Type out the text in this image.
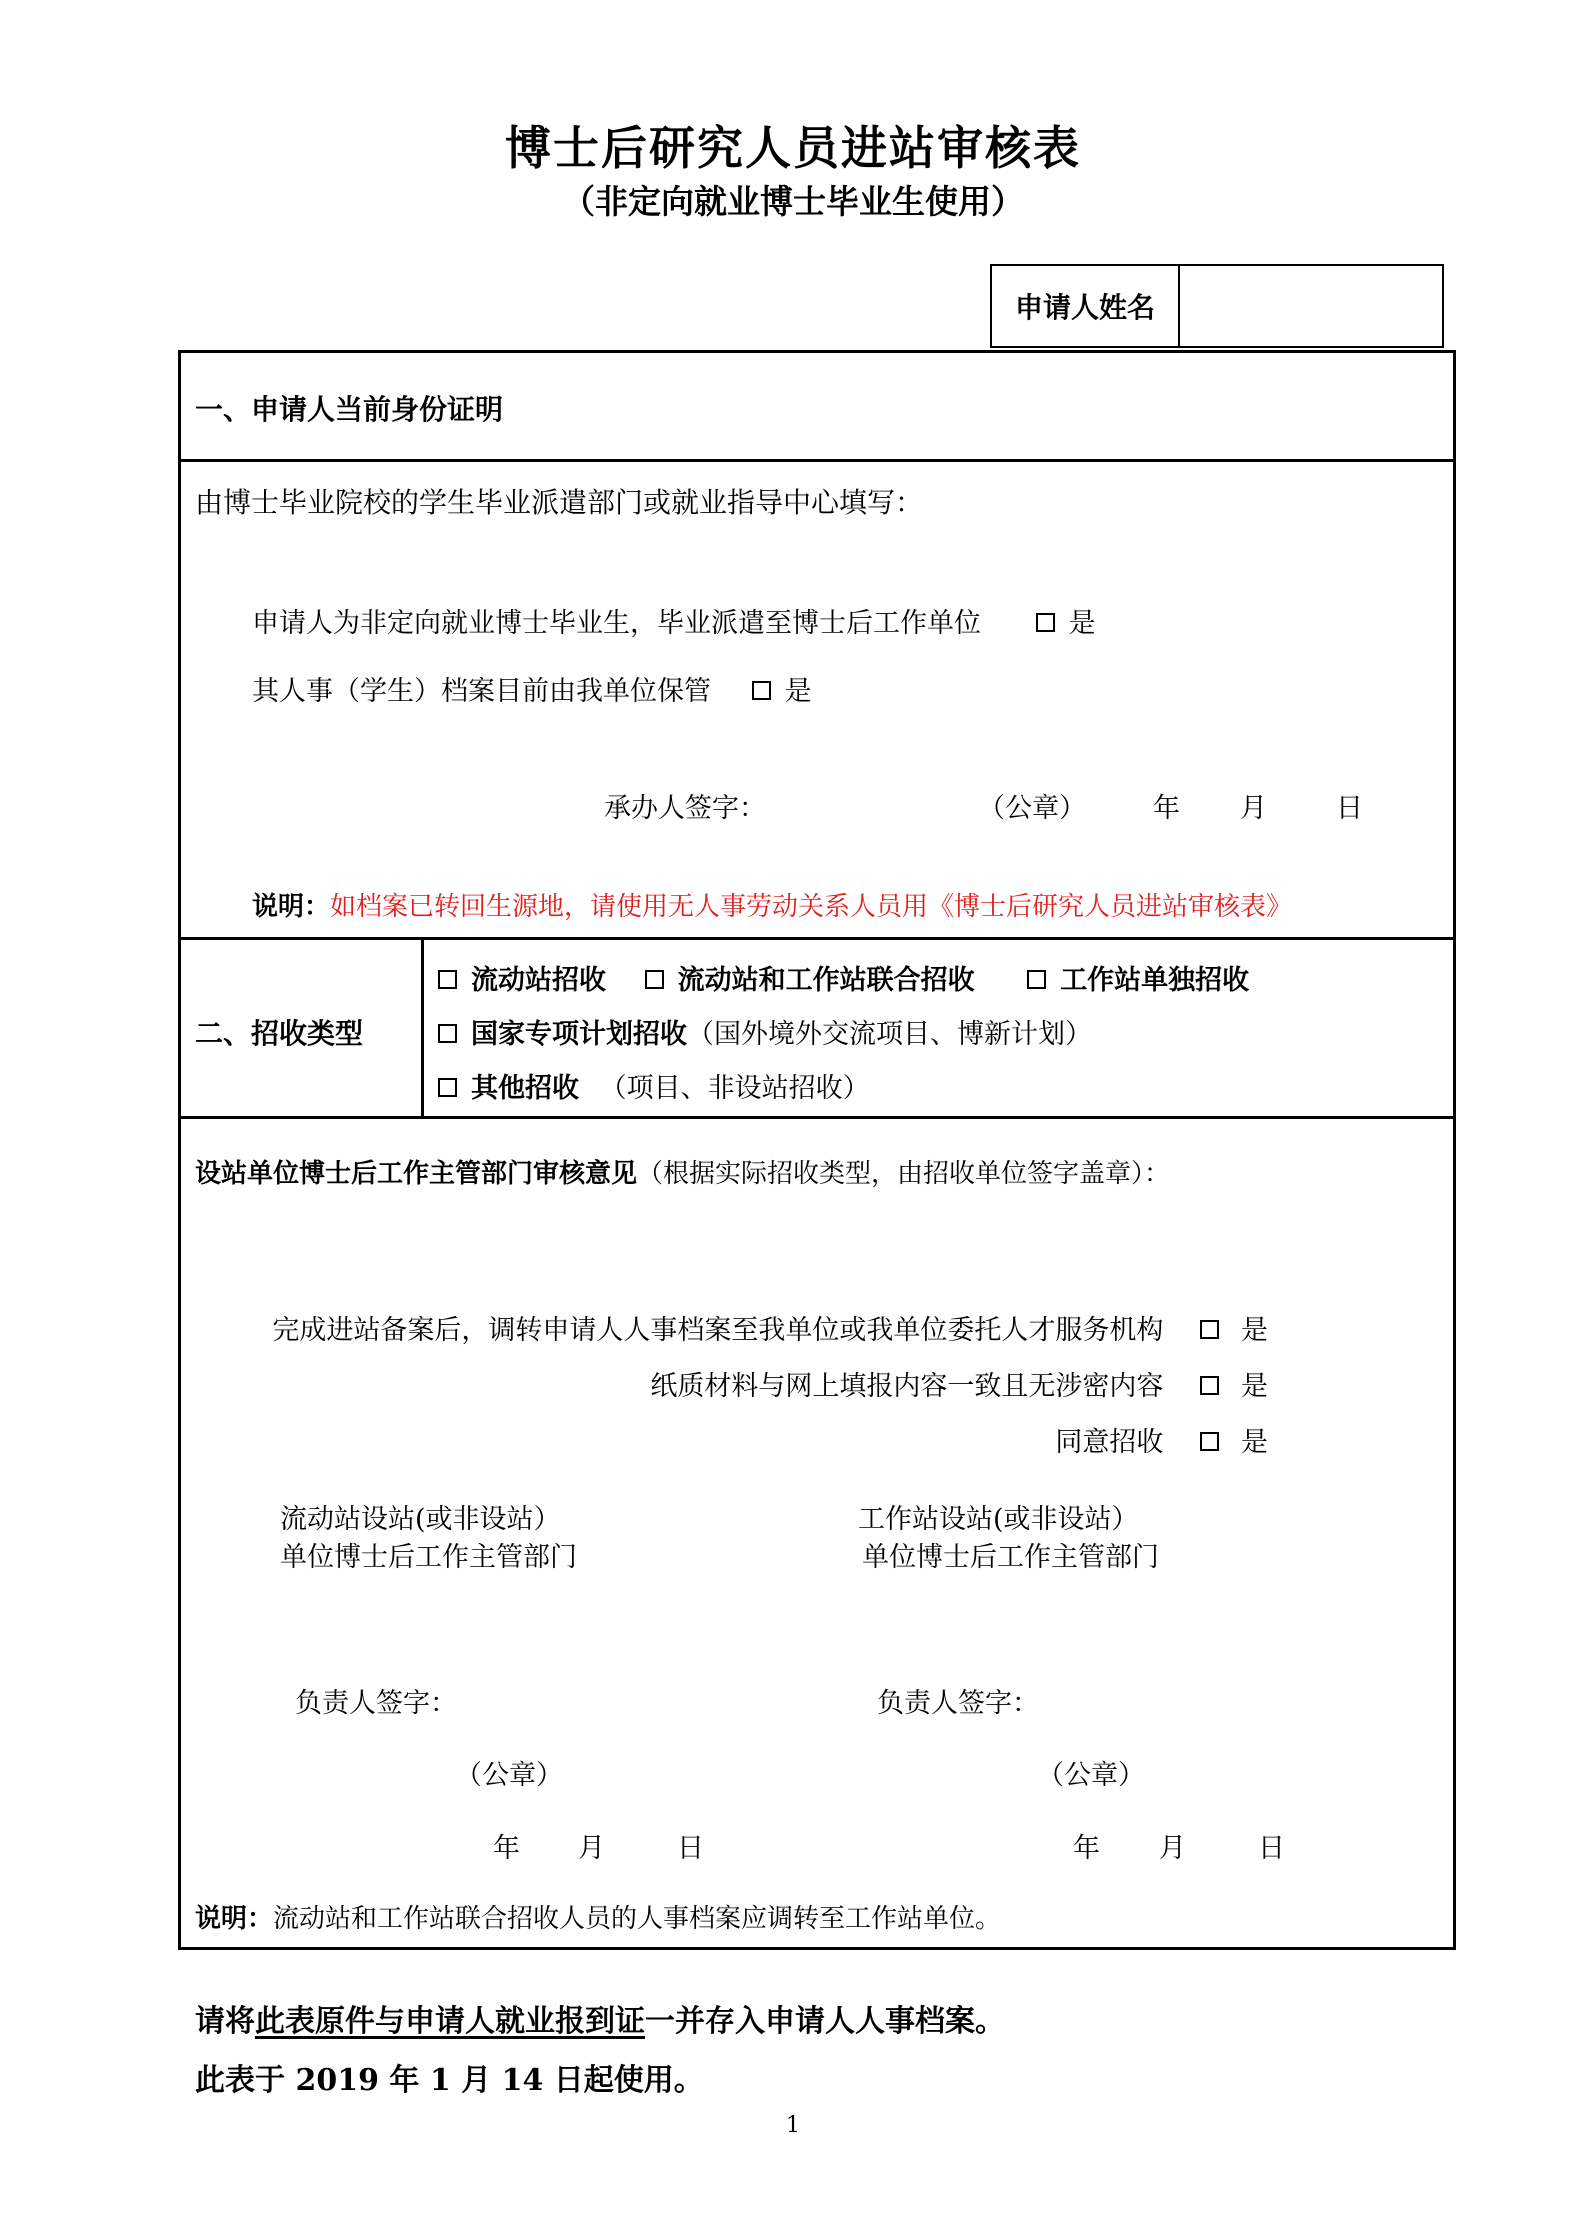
博士后研究人员进站审核表
（非定向就业博士毕业生使用）
申请人姓名
一、申请人当前身份证明
由博士毕业院校的学生毕业派遣部门或就业指导中心填写：
申请人为非定向就业博士毕业生，毕业派遣至博士后工作单位	是
其人事（学生）档案目前由我单位保管	是
承办人签字：	（公章） 年 月	日
说明：如档案已转回生源地，请使用无人事劳动关系人员用《博士后研究人员进站审核表》
二、招收类型
流动站招收	流动站和工作站联合招收	工作站单独招收
国家专项计划招收（国外境外交流项目、博新计划）
其他招收 （项目、非设站招收）
设站单位博士后工作主管部门审核意见（根据实际招收类型，由招收单位签字盖章）：
完成进站备案后，调转申请人人事档案至我单位或我单位委托人才服务机构	是
纸质材料与网上填报内容一致且无涉密内容	是
同意招收	是
流动站设站(或非设站）
单位博士后工作主管部门
工作站设站(或非设站）
单位博士后工作主管部门
负责人签字：	负责人签字：
（公章）	（公章）
年 月	日	年 月	日
说明：流动站和工作站联合招收人员的人事档案应调转至工作站单位。
请将此表原件与申请人就业报到证一并存入申请人人事档案。
此表于 2019 年 1 月 14 日起使用。
1
